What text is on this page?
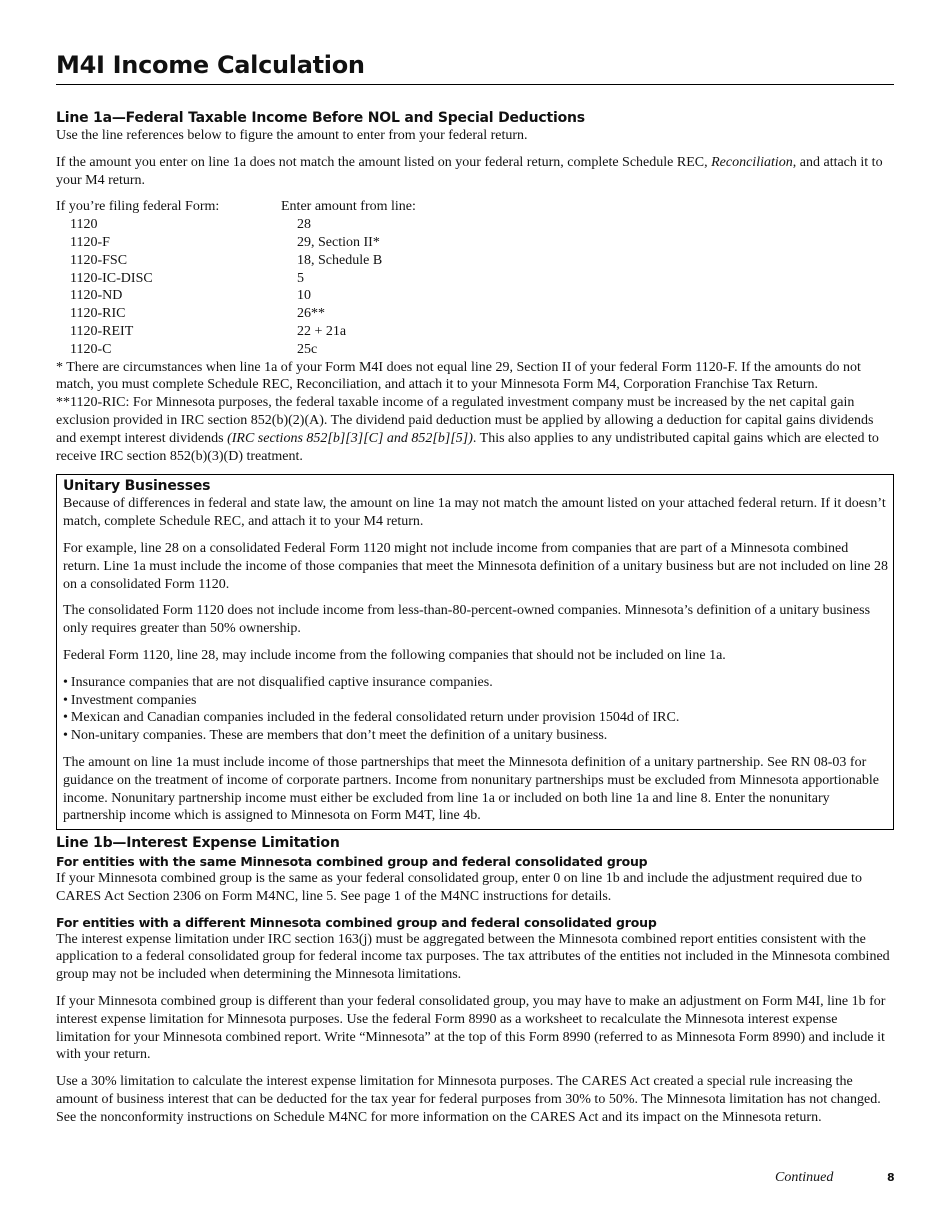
M4I Income Calculation
Line 1a—Federal Taxable Income Before NOL and Special Deductions

Use the line references below to figure the amount to enter from your federal return.

If the amount you enter on line 1a does not match the amount listed on your federal return, complete Schedule REC, Reconciliation, and attach it to your M4 return.

If you’re filing federal Form:	Enter amount from line:
1120	28
1120-F	29, Section II*
1120-FSC	18, Schedule B
1120-IC-DISC	5
1120-ND	10
1120-RIC	26**
1120-REIT	22 + 21a
1120-C	25c

* There are circumstances when line 1a of your Form M4I does not equal line 29, Section II of your federal Form 1120-F. If the amounts do not match, you must complete Schedule REC, Reconciliation, and attach it to your Minnesota Form M4, Corporation Franchise Tax Return.

**1120-RIC: For Minnesota purposes, the federal taxable income of a regulated investment company must be increased by the net capital gain exclusion provided in IRC section 852(b)(2)(A). The dividend paid deduction must be applied by allowing a deduction for capital gains dividends and exempt interest dividends (IRC sections 852[b][3][C] and 852[b][5]). This also applies to any undistributed capital gains which are elected to receive IRC section 852(b)(3)(D) treatment.

Unitary Businesses

Because of differences in federal and state law, the amount on line 1a may not match the amount listed on your attached federal return. If it doesn’t match, complete Schedule REC, and attach it to your M4 return.

For example, line 28 on a consolidated Federal Form 1120 might not include income from companies that are part of a Minnesota combined return. Line 1a must include the income of those companies that meet the Minnesota definition of a unitary business but are not included on line 28 on a consolidated Form 1120.

The consolidated Form 1120 does not include income from less-than-80-percent-owned companies. Minnesota’s definition of a unitary business only requires greater than 50% ownership.

Federal Form 1120, line 28, may include income from the following companies that should not be included on line 1a.

• Insurance companies that are not disqualified captive insurance companies.
• Investment companies
• Mexican and Canadian companies included in the federal consolidated return under provision 1504d of IRC.
• Non-unitary companies. These are members that don’t meet the definition of a unitary business.

The amount on line 1a must include income of those partnerships that meet the Minnesota definition of a unitary partnership. See RN 08-03 for guidance on the treatment of income of corporate partners. Income from nonunitary partnerships must be excluded from Minnesota apportionable income. Nonunitary partnership income must either be excluded from line 1a or included on both line 1a and line 8. Enter the nonunitary partnership income which is assigned to Minnesota on Form M4T, line 4b.

Line 1b—Interest Expense Limitation
For entities with the same Minnesota combined group and federal consolidated group

If your Minnesota combined group is the same as your federal consolidated group, enter 0 on line 1b and include the adjustment required due to CARES Act Section 2306 on Form M4NC, line 5. See page 1 of the M4NC instructions for details.

For entities with a different Minnesota combined group and federal consolidated group

The interest expense limitation under IRC section 163(j) must be aggregated between the Minnesota combined report entities consistent with the application to a federal consolidated group for federal income tax purposes. The tax attributes of the entities not included in the Minnesota combined group may not be included when determining the Minnesota limitations.

If your Minnesota combined group is different than your federal consolidated group, you may have to make an adjustment on Form M4I, line 1b for interest expense limitation for Minnesota purposes. Use the federal Form 8990 as a worksheet to recalculate the Minnesota interest expense limitation for your Minnesota combined report. Write “Minnesota” at the top of this Form 8990 (referred to as Minnesota Form 8990) and include it with your return.

Use a 30% limitation to calculate the interest expense limitation for Minnesota purposes. The CARES Act created a special rule increasing the amount of business interest that can be deducted for the tax year for federal purposes from 30% to 50%. The Minnesota limitation has not changed. See the nonconformity instructions on Schedule M4NC for more information on the CARES Act and its impact on the Minnesota return.

Continued	8
